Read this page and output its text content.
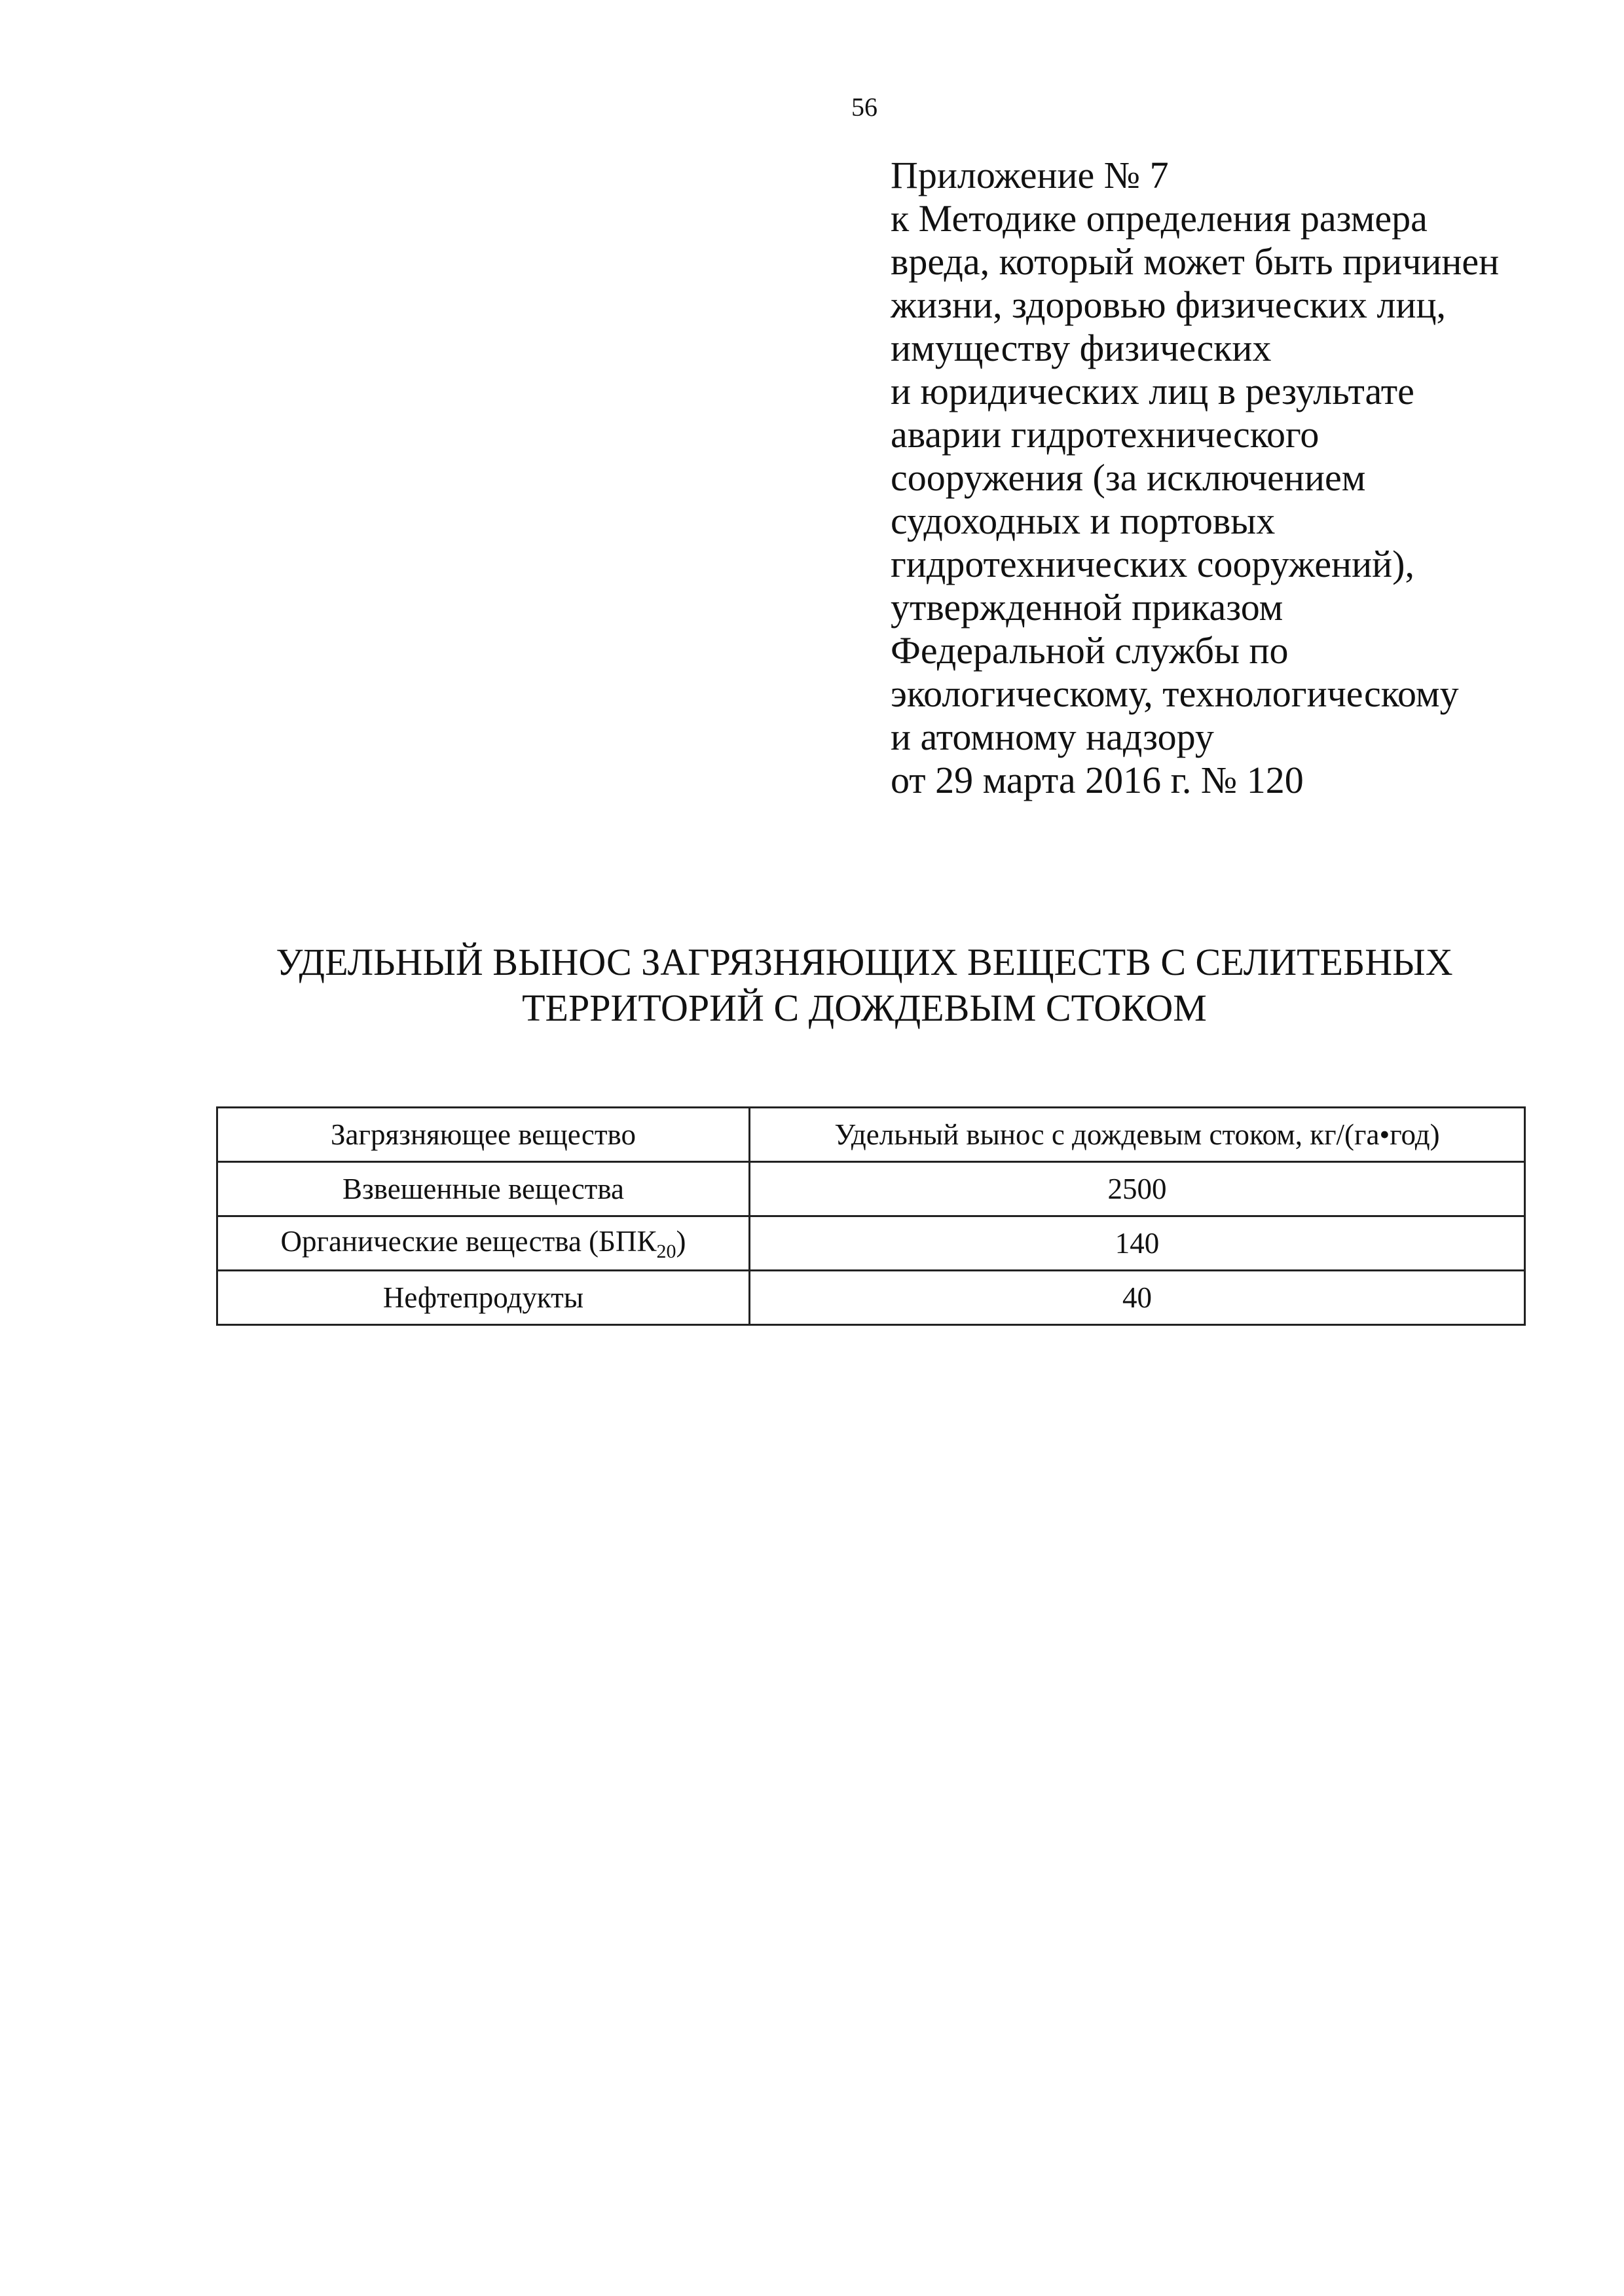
56
Приложение № 7
к Методике определения размера
вреда, который может быть причинен
жизни, здоровью физических лиц,
имуществу физических
и юридических лиц в результате
аварии гидротехнического
сооружения (за исключением
судоходных и портовых
гидротехнических сооружений),
утвержденной приказом
Федеральной службы по
экологическому, технологическому
и атомному надзору
от 29 марта 2016 г. № 120
УДЕЛЬНЫЙ ВЫНОС ЗАГРЯЗНЯЮЩИХ ВЕЩЕСТВ С СЕЛИТЕБНЫХ
ТЕРРИТОРИЙ С ДОЖДЕВЫМ СТОКОМ
Загрязняющее вещество	Удельный вынос с дождевым стоком, кг/(га•год)
Взвешенные вещества	2500
Органические вещества $(БПК_{20})$	140
Нефтепродукты	40
